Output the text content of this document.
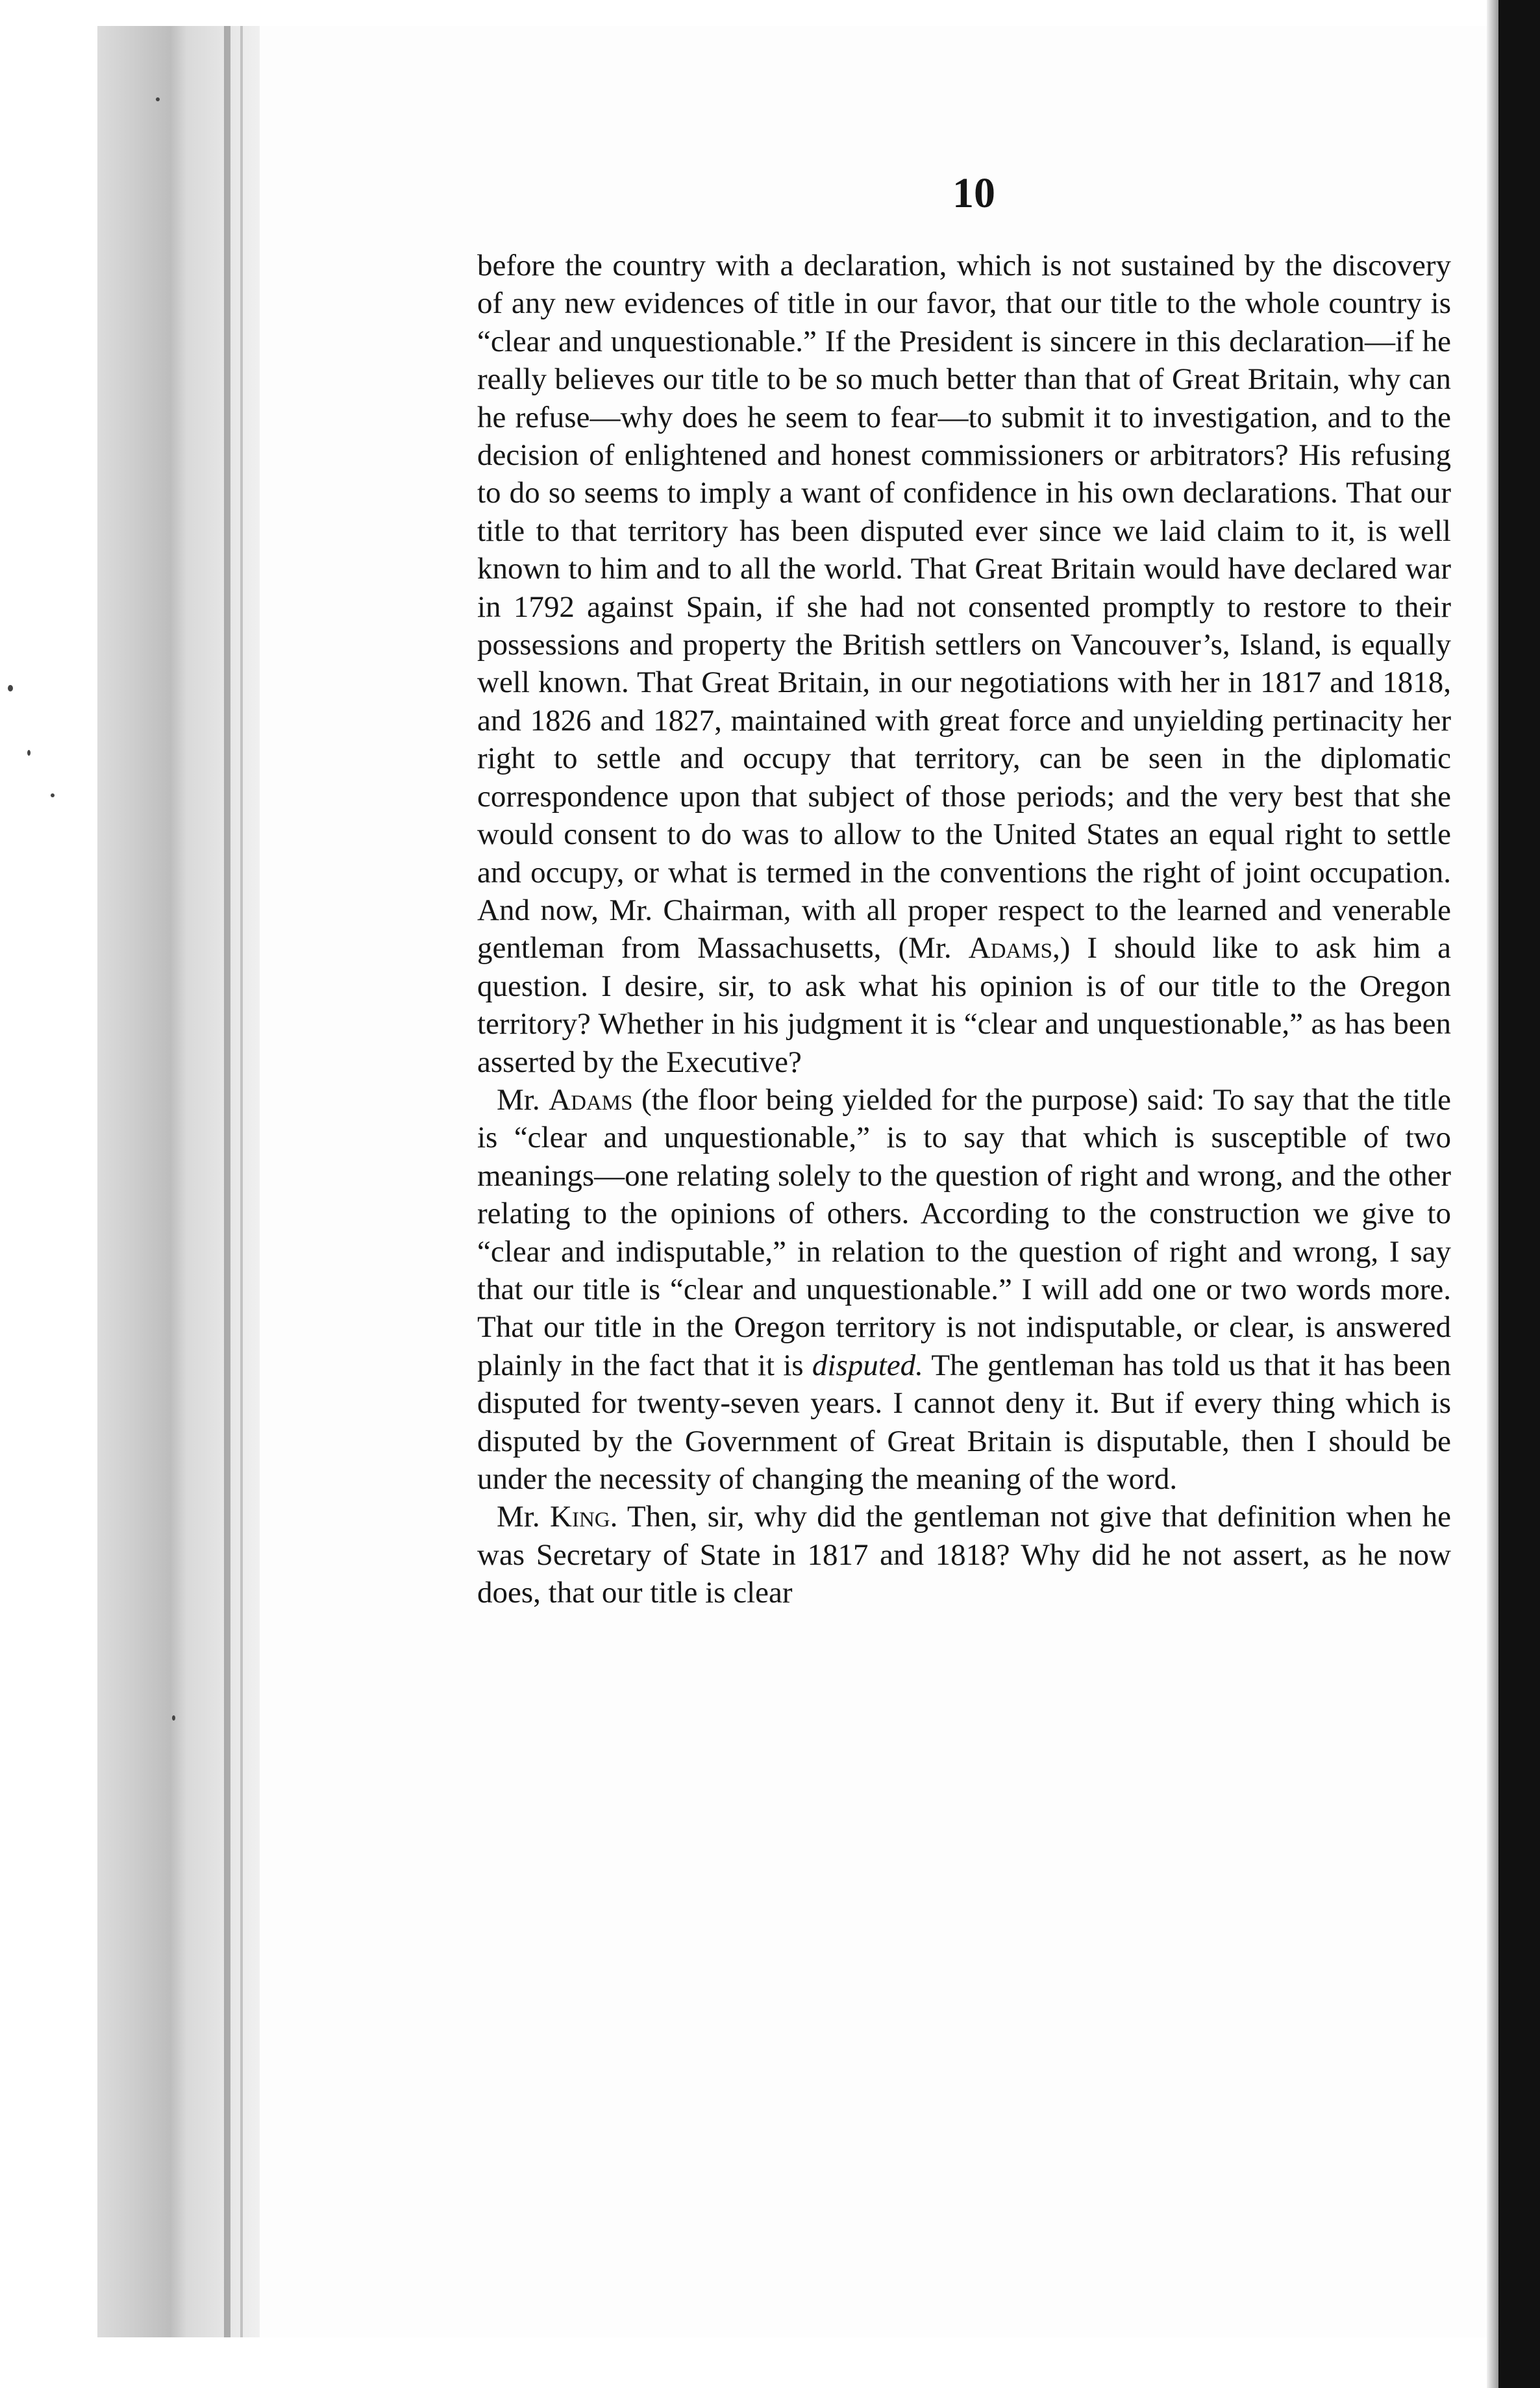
10

before the country with a declaration, which is not sustained by the discovery of any new evidences of title in our favor, that our title to the whole country is “clear and unquestionable.” If the President is sincere in this declaration—if he really believes our title to be so much better than that of Great Britain, why can he refuse—why does he seem to fear—to submit it to investigation, and to the decision of enlightened and honest commissioners or arbitrators? His refusing to do so seems to imply a want of confidence in his own declarations. That our title to that territory has been disputed ever since we laid claim to it, is well known to him and to all the world. That Great Britain would have declared war in 1792 against Spain, if she had not consented promptly to restore to their possessions and property the British settlers on Vancouver’s, Island, is equally well known. That Great Britain, in our negotiations with her in 1817 and 1818, and 1826 and 1827, maintained with great force and unyielding pertinacity her right to settle and occupy that territory, can be seen in the diplomatic correspondence upon that subject of those periods; and the very best that she would consent to do was to allow to the United States an equal right to settle and occupy, or what is termed in the conventions the right of joint occupation. And now, Mr. Chairman, with all proper respect to the learned and venerable gentleman from Massachusetts, (Mr. Adams,) I should like to ask him a question. I desire, sir, to ask what his opinion is of our title to the Oregon territory? Whether in his judgment it is “clear and unquestionable,” as has been asserted by the Executive?

Mr. Adams (the floor being yielded for the purpose) said: To say that the title is “clear and unquestionable,” is to say that which is susceptible of two meanings—one relating solely to the question of right and wrong, and the other relating to the opinions of others. According to the construction we give to “clear and indisputable,” in relation to the question of right and wrong, I say that our title is “clear and unquestionable.” I will add one or two words more. That our title in the Oregon territory is not indisputable, or clear, is answered plainly in the fact that it is disputed. The gentleman has told us that it has been disputed for twenty-seven years. I cannot deny it. But if every thing which is disputed by the Government of Great Britain is disputable, then I should be under the necessity of changing the meaning of the word.

Mr. King. Then, sir, why did the gentleman not give that definition when he was Secretary of State in 1817 and 1818? Why did he not assert, as he now does, that our title is clear
